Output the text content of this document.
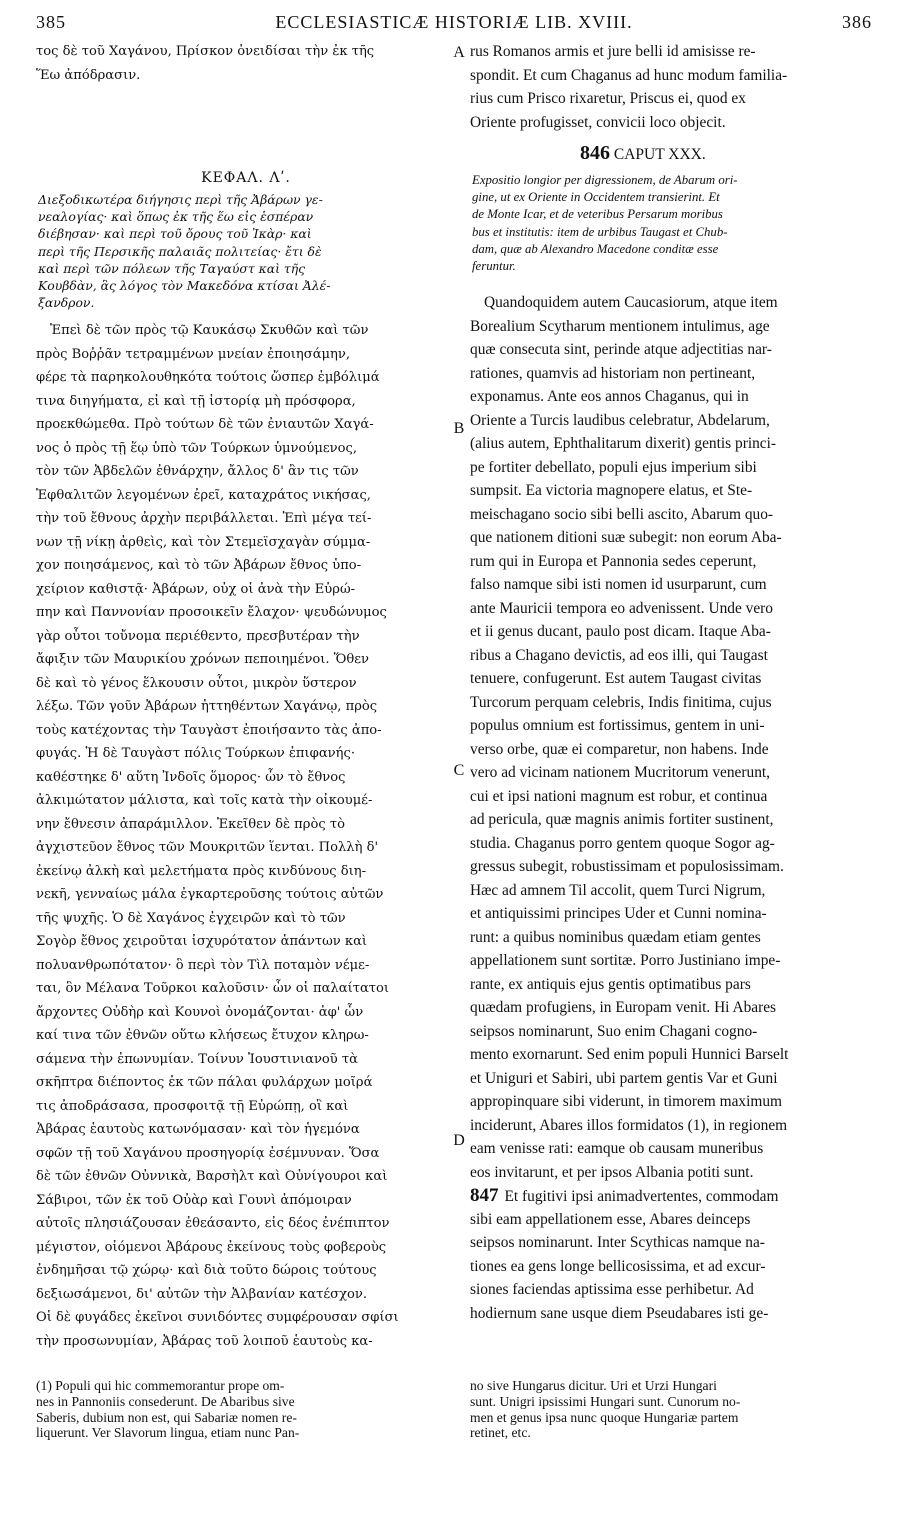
385	ECCLESIASTICÆ HISTORIÆ LIB. XVIII.	386
τος δὲ τοῦ Χαγάνου, Πρίσκον ὀνειδίσαι τὴν ἐκ τῆς
Ἕω ἀπόδρασιν.
ΚΕΦΑΛ. Λʹ.
Διεξοδικωτέρα διήγησις περὶ τῆς Ἀβάρων γε-
νεαλογίας· καὶ ὅπως ἐκ τῆς ἕω εἰς ἑσπέραν
διέβησαν· καὶ περὶ τοῦ ὄρους τοῦ Ἰκὰρ· καὶ
περὶ τῆς Περσικῆς παλαιᾶς πολιτείας· ἔτι δὲ
καὶ περὶ τῶν πόλεων τῆς Ταγαύστ καὶ τῆς
Κουβδὰν, ἃς λόγος τὸν Μακεδόνα κτίσαι Ἀλέ-
ξανδρον.
Ἐπεὶ δὲ τῶν πρὸς τῷ Καυκάσῳ Σκυθῶν καὶ τῶν
πρὸς Βοῤῥᾶν τετραμμένων μνείαν ἐποιησάμην,
φέρε τὰ παρηκολουθηκότα τούτοις ὥσπερ ἐμβόλιμά
τινα διηγήματα, εἰ καὶ τῇ ἱστορίᾳ μὴ πρόσφορα,
προεκθώμεθα. Πρὸ τούτων δὲ τῶν ἐνιαυτῶν Χαγά-
νος ὁ πρὸς τῇ ἕῳ ὑπὸ τῶν Τούρκων ὑμνούμενος,
τὸν τῶν Ἀβδελῶν ἐθνάρχην, ἄλλος δ' ἂν τις τῶν
Ἐφθαλιτῶν λεγομένων ἐρεῖ, καταχράτος νικήσας,
τὴν τοῦ ἔθνους ἀρχὴν περιβάλλεται. Ἐπὶ μέγα τεί-
νων τῇ νίκῃ ἀρθεὶς, καὶ τὸν Στεμεϊσχαγὰν σύμμα-
χον ποιησάμενος, καὶ τὸ τῶν Ἀβάρων ἔθνος ὑπο-
χείριον καθιστᾷ· Ἀβάρων, οὐχ οἱ ἀνὰ τὴν Εὐρώ-
πην καὶ Παννονίαν προσοικεῖν ἔλαχον· ψευδώνυμος
γὰρ οὗτοι τοὔνομα περιέθεντο, πρεσβυτέραν τὴν
ἄφιξιν τῶν Μαυρικίου χρόνων πεποιημένοι. Ὅθεν
δὲ καὶ τὸ γένος ἕλκουσιν οὗτοι, μικρὸν ὕστερον
λέξω. Τῶν γοῦν Ἀβάρων ἡττηθέντων Χαγάνῳ, πρὸς
τοὺς κατέχοντας τὴν Ταυγὰστ ἐποιήσαντο τὰς ἀπο-
φυγάς. Ἡ δὲ Ταυγὰστ πόλις Τούρκων ἐπιφανής·
καθέστηκε δ' αὕτη Ἰνδοῖς ὅμορος· ὧν τὸ ἔθνος
ἀλκιμώτατον μάλιστα, καὶ τοῖς κατὰ τὴν οἰκουμέ-
νην ἔθνεσιν ἀπαράμιλλον. Ἐκεῖθεν δὲ πρὸς τὸ
ἀγχιστεῦον ἔθνος τῶν Μουκριτῶν ἵενται. Πολλὴ δ'
ἐκείνῳ ἀλκὴ καὶ μελετήματα πρὸς κινδύνους διη-
νεκῆ, γενναίως μάλα ἐγκαρτεροῦσης τούτοις αὐτῶν
τῆς ψυχῆς. Ὁ δὲ Χαγάνος ἐγχειρῶν καὶ τὸ τῶν
Σογὸρ ἔθνος χειροῦται ἰσχυρότατον ἁπάντων καὶ
πολυανθρωπότατον· ὃ περὶ τὸν Τὶλ ποταμὸν νέμε-
ται, ὃν Μέλανα Τοῦρκοι καλοῦσιν· ὧν οἱ παλαίτατοι
ἄρχοντες Οὐδὴρ καὶ Κουνοὶ ὀνομάζονται· ἀφ' ὧν
καί τινα τῶν ἐθνῶν οὕτω κλήσεως ἔτυχον κληρω-
σάμενα τὴν ἐπωνυμίαν. Τοίνυν Ἰουστινιανοῦ τὰ
σκῆπτρα διέποντος ἐκ τῶν πάλαι φυλάρχων μοῖρά
τις ἀποδράσασα, προσφοιτᾷ τῇ Εὐρώπῃ, οἳ καὶ
Ἀβάρας ἑαυτοὺς κατωνόμασαν· καὶ τὸν ἡγεμόνα
σφῶν τῇ τοῦ Χαγάνου προσηγορίᾳ ἐσέμνυναν. Ὅσα
δὲ τῶν ἐθνῶν Οὐννικὰ, Βαρσὴλτ καὶ Οὐνίγουροι καὶ
Σάβιροι, τῶν ἐκ τοῦ Οὐὰρ καὶ Γουνὶ ἀπόμοιραν
αὐτοῖς πλησιάζουσαν ἐθεάσαντο, εἰς δέος ἐνέπιπτον
μέγιστον, οἰόμενοι Ἀβάρους ἐκείνους τοὺς φοβεροὺς
ἐνδημῆσαι τῷ χώρῳ· καὶ διὰ τοῦτο δώροις τούτους
δεξιωσάμενοι, δι' αὐτῶν τὴν Ἀλβανίαν κατέσχον.
Οἱ δὲ φυγάδες ἐκεῖνοι συνιδόντες συμφέρουσαν σφίσι
τὴν προσωνυμίαν, Ἀβάρας τοῦ λοιποῦ ἑαυτοὺς κα-
rus Romanos armis et jure belli id amisisse re-
spondit. Et cum Chaganus ad hunc modum familia-
rius cum Prisco rixaretur, Priscus ei, quod ex
Oriente profugisset, convicii loco objecit.
846 CAPUT XXX.
Expositio longior per digressionem, de Abarum ori-
gine, ut ex Oriente in Occidentem transierint. Et
de Monte Icar, et de veteribus Persarum moribus
bus et institutis: item de urbibus Taugast et Chub-
dam, quæ ab Alexandro Macedone conditæ esse
feruntur.
Quandoquidem autem Caucasiorum, atque item
Borealium Scytharum mentionem intulimus, age
quæ consecuta sint, perinde atque adjectitias nar-
rationes, quamvis ad historiam non pertineant,
exponamus. Ante eos annos Chaganus, qui in
Oriente a Turcis laudibus celebratur, Abdelarum,
(alius autem, Ephthalitarum dixerit) gentis princi-
pe fortiter debellato, populi ejus imperium sibi
sumpsit. Ea victoria magnopere elatus, et Ste-
meischagano socio sibi belli ascito, Abarum quo-
que nationem ditioni suæ subegit: non eorum Aba-
rum qui in Europa et Pannonia sedes ceperunt,
falso namque sibi isti nomen id usurparunt, cum
ante Mauricii tempora eo advenissent. Unde vero
et ii genus ducant, paulo post dicam. Itaque Aba-
ribus a Chagano devictis, ad eos illi, qui Taugast
tenuere, confugerunt. Est autem Taugast civitas
Turcorum perquam celebris, Indis finitima, cujus
populus omnium est fortissimus, gentem in uni-
verso orbe, quæ ei comparetur, non habens. Inde
vero ad vicinam nationem Mucritorum venerunt,
cui et ipsi nationi magnum est robur, et continua
ad pericula, quæ magnis animis fortiter sustinent,
studia. Chaganus porro gentem quoque Sogor ag-
gressus subegit, robustissimam et populosissimam.
Hæc ad amnem Til accolit, quem Turci Nigrum,
et antiquissimi principes Uder et Cunni nomina-
runt: a quibus nominibus quædam etiam gentes
appellationem sunt sortitæ. Porro Justiniano impe-
rante, ex antiquis ejus gentis optimatibus pars
quædam profugiens, in Europam venit. Hi Abares
seipsos nominarunt, Suo enim Chagani cogno-
mento exornarunt. Sed enim populi Hunnici Barselt
et Uniguri et Sabiri, ubi partem gentis Var et Guni
appropinquare sibi viderunt, in timorem maximum
inciderunt, Abares illos formidatos (1), in regionem
eam venisse rati: eamque ob causam muneribus
eos invitarunt, et per ipsos Albania potiti sunt.
847 Et fugitivi ipsi animadvertentes, commodam
sibi eam appellationem esse, Abares deinceps
seipsos nominarunt. Inter Scythicas namque na-
tiones ea gens longe bellicosissima, et ad excur-
siones faciendas aptissima esse perhibetur. Ad
hodiernum sane usque diem Pseudabares isti ge-
A
B
C
D
(1) Populi qui hic commemorantur prope om-
nes in Pannoniis consederunt. De Abaribus sive
Saberis, dubium non est, qui Sabariæ nomen re-
liquerunt. Ver Slavorum lingua, etiam nunc Pan-
no sive Hungarus dicitur. Uri et Urzi Hungari
sunt. Unigri ipsissimi Hungari sunt. Cunorum no-
men et genus ipsa nunc quoque Hungariæ partem
retinet, etc.
